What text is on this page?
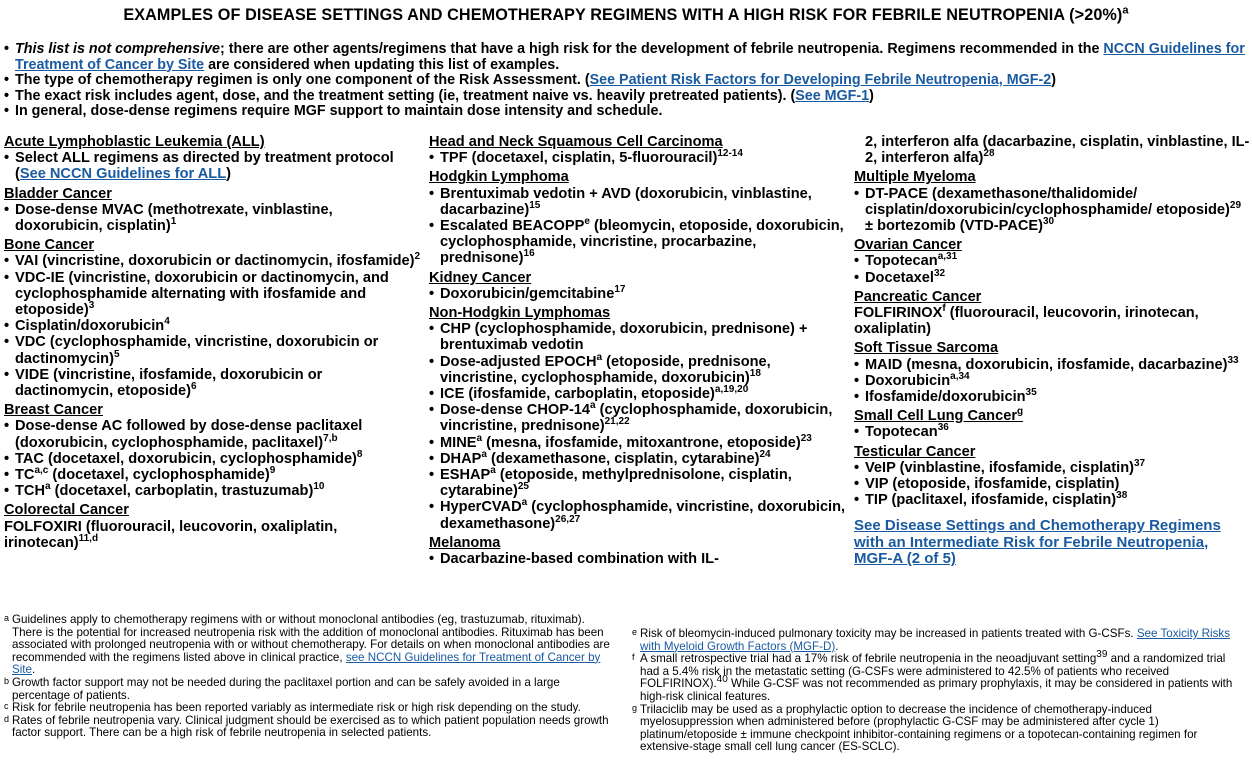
EXAMPLES OF DISEASE SETTINGS AND CHEMOTHERAPY REGIMENS WITH A HIGH RISK FOR FEBRILE NEUTROPENIA (>20%)$^a$
• This list is not comprehensive; there are other agents/regimens that have a high risk for the development of febrile neutropenia. Regimens recommended in the NCCN Guidelines for Treatment of Cancer by Site are considered when updating this list of examples.
• The type of chemotherapy regimen is only one component of the Risk Assessment. (See Patient Risk Factors for Developing Febrile Neutropenia, MGF-2)
• The exact risk includes agent, dose, and the treatment setting (ie, treatment naive vs. heavily pretreated patients). (See MGF-1)
• In general, dose-dense regimens require MGF support to maintain dose intensity and schedule.
Acute Lymphoblastic Leukemia (ALL)
• Select ALL regimens as directed by treatment protocol (See NCCN Guidelines for ALL)
Bladder Cancer
• Dose-dense MVAC (methotrexate, vinblastine, doxorubicin, cisplatin)$^1$
Bone Cancer
• VAI (vincristine, doxorubicin or dactinomycin, ifosfamide)$^2$
• VDC-IE (vincristine, doxorubicin or dactinomycin, and cyclophosphamide alternating with ifosfamide and etoposide)$^3$
• Cisplatin/doxorubicin$^4$
• VDC (cyclophosphamide, vincristine, doxorubicin or dactinomycin)$^5$
• VIDE (vincristine, ifosfamide, doxorubicin or dactinomycin, etoposide)$^6$
Breast Cancer
• Dose-dense AC followed by dose-dense paclitaxel (doxorubicin, cyclophosphamide, paclitaxel)$^{7,b}$
• TAC (docetaxel, doxorubicin, cyclophosphamide)$^8$
• TC$^{a,c}$ (docetaxel, cyclophosphamide)$^9$
• TCH$^a$ (docetaxel, carboplatin, trastuzumab)$^{10}$
Colorectal Cancer
FOLFOXIRI (fluorouracil, leucovorin, oxaliplatin, irinotecan)$^{11,d}$
Head and Neck Squamous Cell Carcinoma
• TPF (docetaxel, cisplatin, 5-fluorouracil)$^{12-14}$
Hodgkin Lymphoma
• Brentuximab vedotin + AVD (doxorubicin, vinblastine, dacarbazine)$^{15}$
• Escalated BEACOPP$^e$ (bleomycin, etoposide, doxorubicin, cyclophosphamide, vincristine, procarbazine, prednisone)$^{16}$
Kidney Cancer
• Doxorubicin/gemcitabine$^{17}$
Non-Hodgkin Lymphomas
• CHP (cyclophosphamide, doxorubicin, prednisone) + brentuximab vedotin
• Dose-adjusted EPOCH$^a$ (etoposide, prednisone, vincristine, cyclophosphamide, doxorubicin)$^{18}$
• ICE (ifosfamide, carboplatin, etoposide)$^{a,19,20}$
• Dose-dense CHOP-14$^a$ (cyclophosphamide, doxorubicin, vincristine, prednisone)$^{21,22}$
• MINE$^a$ (mesna, ifosfamide, mitoxantrone, etoposide)$^{23}$
• DHAP$^a$ (dexamethasone, cisplatin, cytarabine)$^{24}$
• ESHAP$^a$ (etoposide, methylprednisolone, cisplatin, cytarabine)$^{25}$
• HyperCVAD$^a$ (cyclophosphamide, vincristine, doxorubicin, dexamethasone)$^{26,27}$
Melanoma
• Dacarbazine-based combination with IL-
2, interferon alfa (dacarbazine, cisplatin, vinblastine, IL-2, interferon alfa)$^{28}$
Multiple Myeloma
• DT-PACE (dexamethasone/thalidomide/ cisplatin/doxorubicin/cyclophosphamide/ etoposide)$^{29}$ ± bortezomib (VTD-PACE)$^{30}$
Ovarian Cancer
• Topotecan$^{a,31}$
• Docetaxel$^{32}$
Pancreatic Cancer
FOLFIRINOX$^f$ (fluorouracil, leucovorin, irinotecan, oxaliplatin)
Soft Tissue Sarcoma
• MAID (mesna, doxorubicin, ifosfamide, dacarbazine)$^{33}$
• Doxorubicin$^{a,34}$
• Ifosfamide/doxorubicin$^{35}$
Small Cell Lung Cancer$^g$
• Topotecan$^{36}$
Testicular Cancer
• VeIP (vinblastine, ifosfamide, cisplatin)$^{37}$
• VIP (etoposide, ifosfamide, cisplatin)
• TIP (paclitaxel, ifosfamide, cisplatin)$^{38}$
See Disease Settings and Chemotherapy Regimens with an Intermediate Risk for Febrile Neutropenia, MGF-A (2 of 5)
a Guidelines apply to chemotherapy regimens with or without monoclonal antibodies (eg, trastuzumab, rituximab). There is the potential for increased neutropenia risk with the addition of monoclonal antibodies. Rituximab has been associated with prolonged neutropenia with or without chemotherapy. For details on when monoclonal antibodies are recommended with the regimens listed above in clinical practice, see NCCN Guidelines for Treatment of Cancer by Site.
b Growth factor support may not be needed during the paclitaxel portion and can be safely avoided in a large percentage of patients.
c Risk for febrile neutropenia has been reported variably as intermediate risk or high risk depending on the study.
d Rates of febrile neutropenia vary. Clinical judgment should be exercised as to which patient population needs growth factor support. There can be a high risk of febrile neutropenia in selected patients.
e Risk of bleomycin-induced pulmonary toxicity may be increased in patients treated with G-CSFs. See Toxicity Risks with Myeloid Growth Factors (MGF-D).
f A small retrospective trial had a 17% risk of febrile neutropenia in the neoadjuvant setting$^{39}$ and a randomized trial had a 5.4% risk in the metastatic setting (G-CSFs were administered to 42.5% of patients who received FOLFIRINOX).$^{40}$ While G-CSF was not recommended as primary prophylaxis, it may be considered in patients with high-risk clinical features.
g Trilaciclib may be used as a prophylactic option to decrease the incidence of chemotherapy-induced myelosuppression when administered before (prophylactic G-CSF may be administered after cycle 1) platinum/etoposide ± immune checkpoint inhibitor-containing regimens or a topotecan-containing regimen for extensive-stage small cell lung cancer (ES-SCLC).
